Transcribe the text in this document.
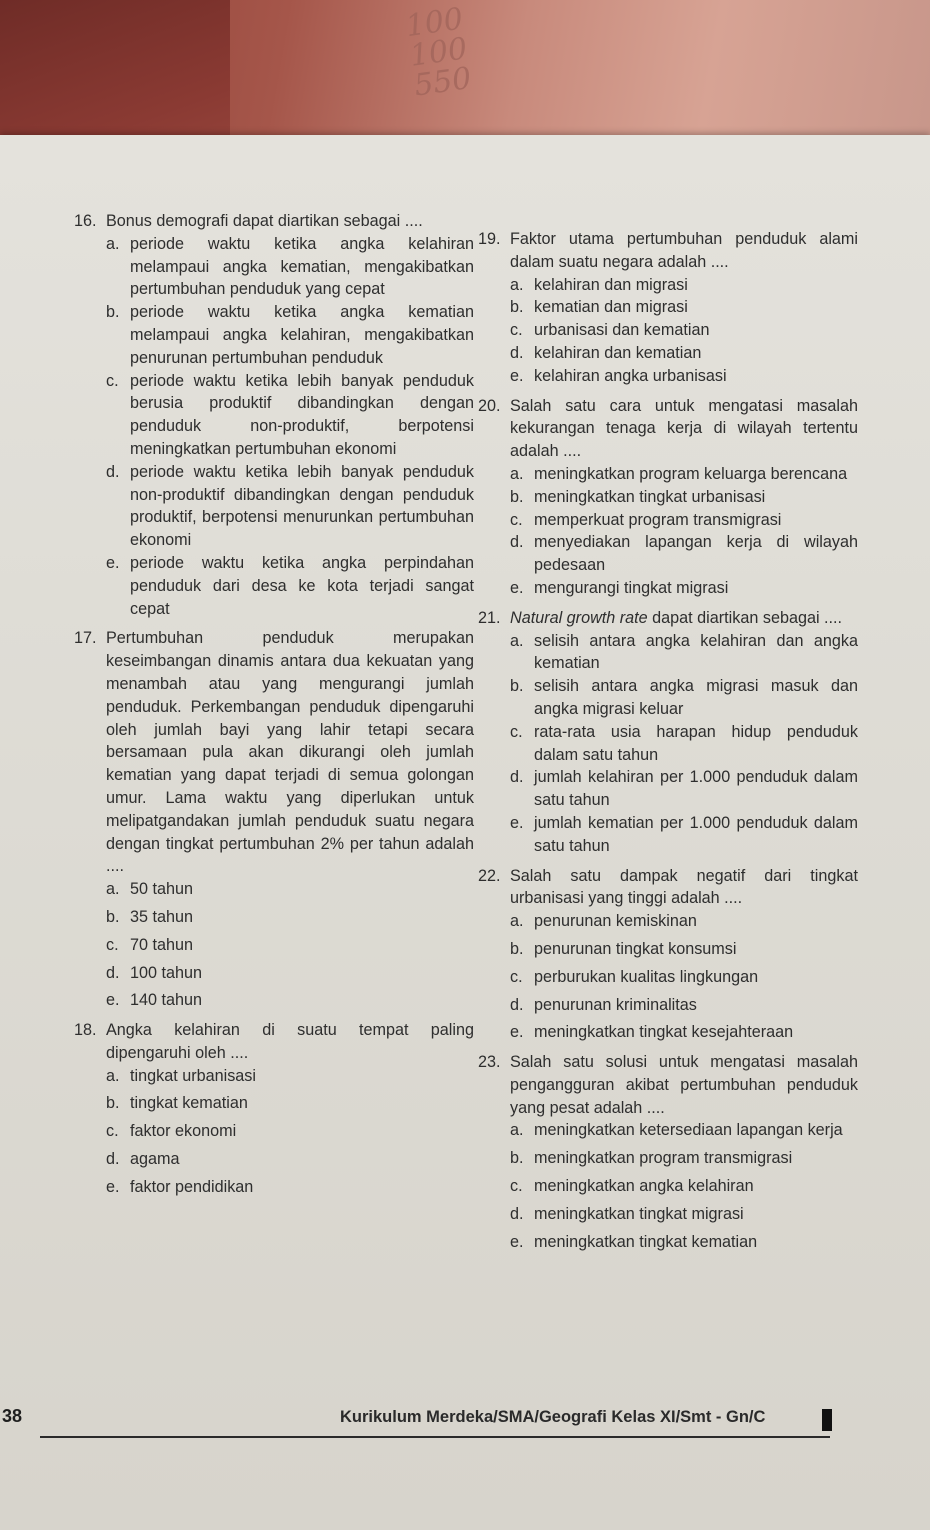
100
100
550
16. Bonus demografi dapat diartikan sebagai ....
a. periode waktu ketika angka kelahiran melampaui angka kematian, mengakibatkan pertumbuhan penduduk yang cepat
b. periode waktu ketika angka kematian melampaui angka kelahiran, mengakibatkan penurunan pertumbuhan penduduk
c. periode waktu ketika lebih banyak penduduk berusia produktif dibandingkan dengan penduduk non-produktif, berpotensi meningkatkan pertumbuhan ekonomi
d. periode waktu ketika lebih banyak penduduk non-produktif dibandingkan dengan penduduk produktif, berpotensi menurunkan pertumbuhan ekonomi
e. periode waktu ketika angka perpindahan penduduk dari desa ke kota terjadi sangat cepat
17. Pertumbuhan penduduk merupakan keseimbangan dinamis antara dua kekuatan yang menambah atau yang mengurangi jumlah penduduk. Perkembangan penduduk dipengaruhi oleh jumlah bayi yang lahir tetapi secara bersamaan pula akan dikurangi oleh jumlah kematian yang dapat terjadi di semua golongan umur. Lama waktu yang diperlukan untuk melipatgandakan jumlah penduduk suatu negara dengan tingkat pertumbuhan 2% per tahun adalah ....
a. 50 tahun
b. 35 tahun
c. 70 tahun
d. 100 tahun
e. 140 tahun
18. Angka kelahiran di suatu tempat paling dipengaruhi oleh ....
a. tingkat urbanisasi
b. tingkat kematian
c. faktor ekonomi
d. agama
e. faktor pendidikan
19. Faktor utama pertumbuhan penduduk alami dalam suatu negara adalah ....
a. kelahiran dan migrasi
b. kematian dan migrasi
c. urbanisasi dan kematian
d. kelahiran dan kematian
e. kelahiran angka urbanisasi
20. Salah satu cara untuk mengatasi masalah kekurangan tenaga kerja di wilayah tertentu adalah ....
a. meningkatkan program keluarga berencana
b. meningkatkan tingkat urbanisasi
c. memperkuat program transmigrasi
d. menyediakan lapangan kerja di wilayah pedesaan
e. mengurangi tingkat migrasi
21. Natural growth rate dapat diartikan sebagai ....
a. selisih antara angka kelahiran dan angka kematian
b. selisih antara angka migrasi masuk dan angka migrasi keluar
c. rata-rata usia harapan hidup penduduk dalam satu tahun
d. jumlah kelahiran per 1.000 penduduk dalam satu tahun
e. jumlah kematian per 1.000 penduduk dalam satu tahun
22. Salah satu dampak negatif dari tingkat urbanisasi yang tinggi adalah ....
a. penurunan kemiskinan
b. penurunan tingkat konsumsi
c. perburukan kualitas lingkungan
d. penurunan kriminalitas
e. meningkatkan tingkat kesejahteraan
23. Salah satu solusi untuk mengatasi masalah pengangguran akibat pertumbuhan penduduk yang pesat adalah ....
a. meningkatkan ketersediaan lapangan kerja
b. meningkatkan program transmigrasi
c. meningkatkan angka kelahiran
d. meningkatkan tingkat migrasi
e. meningkatkan tingkat kematian
38	Kurikulum Merdeka/SMA/Geografi Kelas XI/Smt - Gn/C
